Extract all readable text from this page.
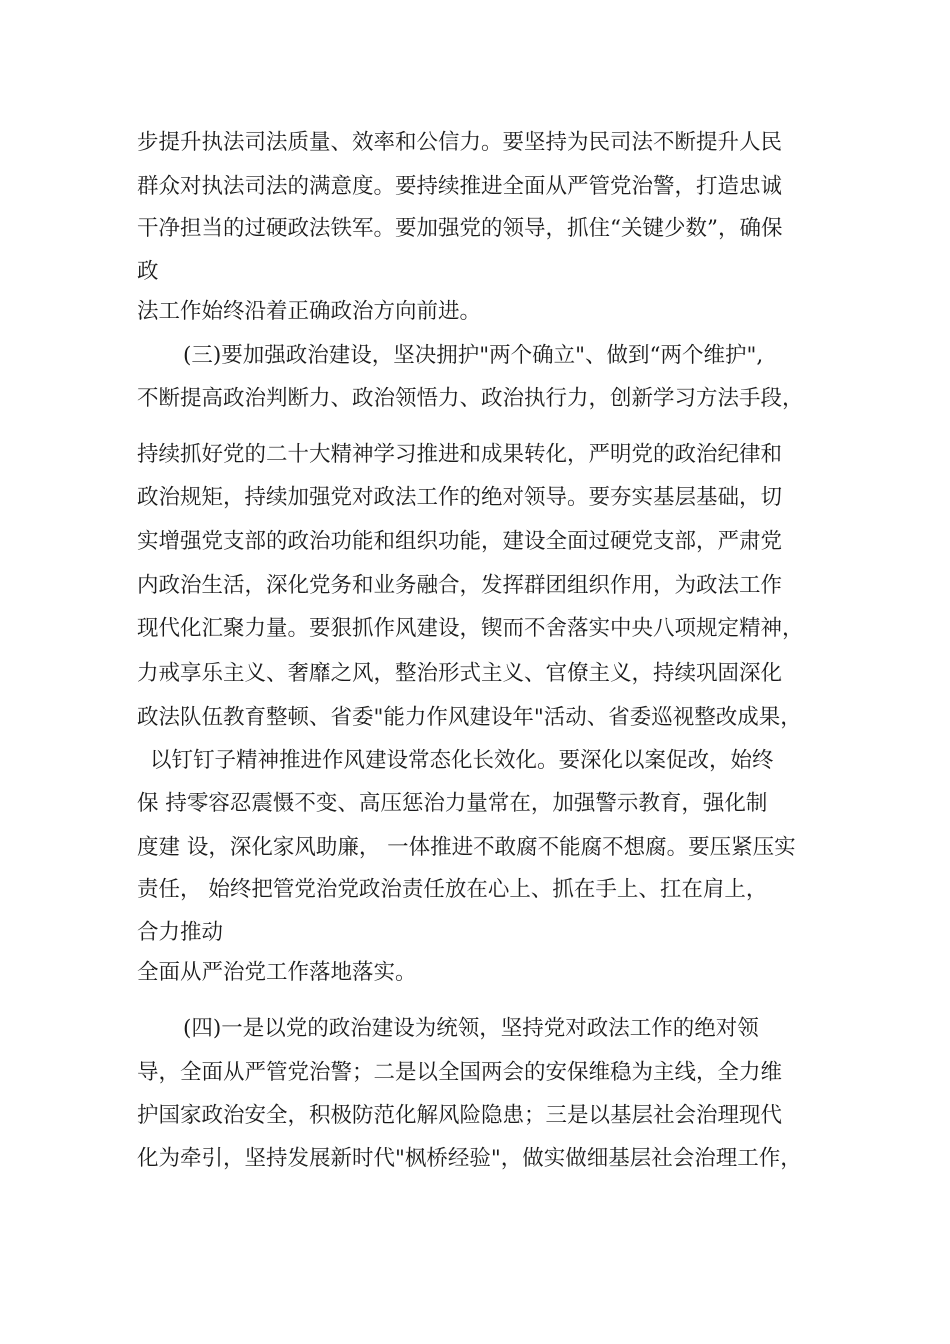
步提升执法司法质量、效率和公信力。要坚持为民司法不断提升人民

群众对执法司法的满意度。要持续推进全面从严管党治警，打造忠诚

干净担当的过硬政法铁军。要加强党的领导，抓住“关键少数”，确保

政

法工作始终沿着正确政治方向前进。

(三)要加强政治建设，坚决拥护"两个确立"、做到“两个维护",

不断提高政治判断力、政治领悟力、政治执行力，创新学习方法手段，

持续抓好党的二十大精神学习推进和成果转化，严明党的政治纪律和

政治规矩，持续加强党对政法工作的绝对领导。要夯实基层基础，切

实增强党支部的政治功能和组织功能，建设全面过硬党支部，严肃党

内政治生活，深化党务和业务融合，发挥群团组织作用，为政法工作

现代化汇聚力量。要狠抓作风建设，锲而不舍落实中央八项规定精神，

力戒享乐主义、奢靡之风，整治形式主义、官僚主义，持续巩固深化

政法队伍教育整顿、省委"能力作风建设年"活动、省委巡视整改成果，

以钉钉子精神推进作风建设常态化长效化。要深化以案促改，始终

保 持零容忍震慑不变、高压惩治力量常在，加强警示教育，强化制

度建 设，深化家风助廉， 一体推进不敢腐不能腐不想腐。要压紧压实

责任， 始终把管党治党政治责任放在心上、抓在手上、扛在肩上，

合力推动

全面从严治党工作落地落实。

(四)一是以党的政治建设为统领，坚持党对政法工作的绝对领

导，全面从严管党治警；二是以全国两会的安保维稳为主线，全力维

护国家政治安全，积极防范化解风险隐患；三是以基层社会治理现代

化为牵引，坚持发展新时代"枫桥经验"，做实做细基层社会治理工作，
